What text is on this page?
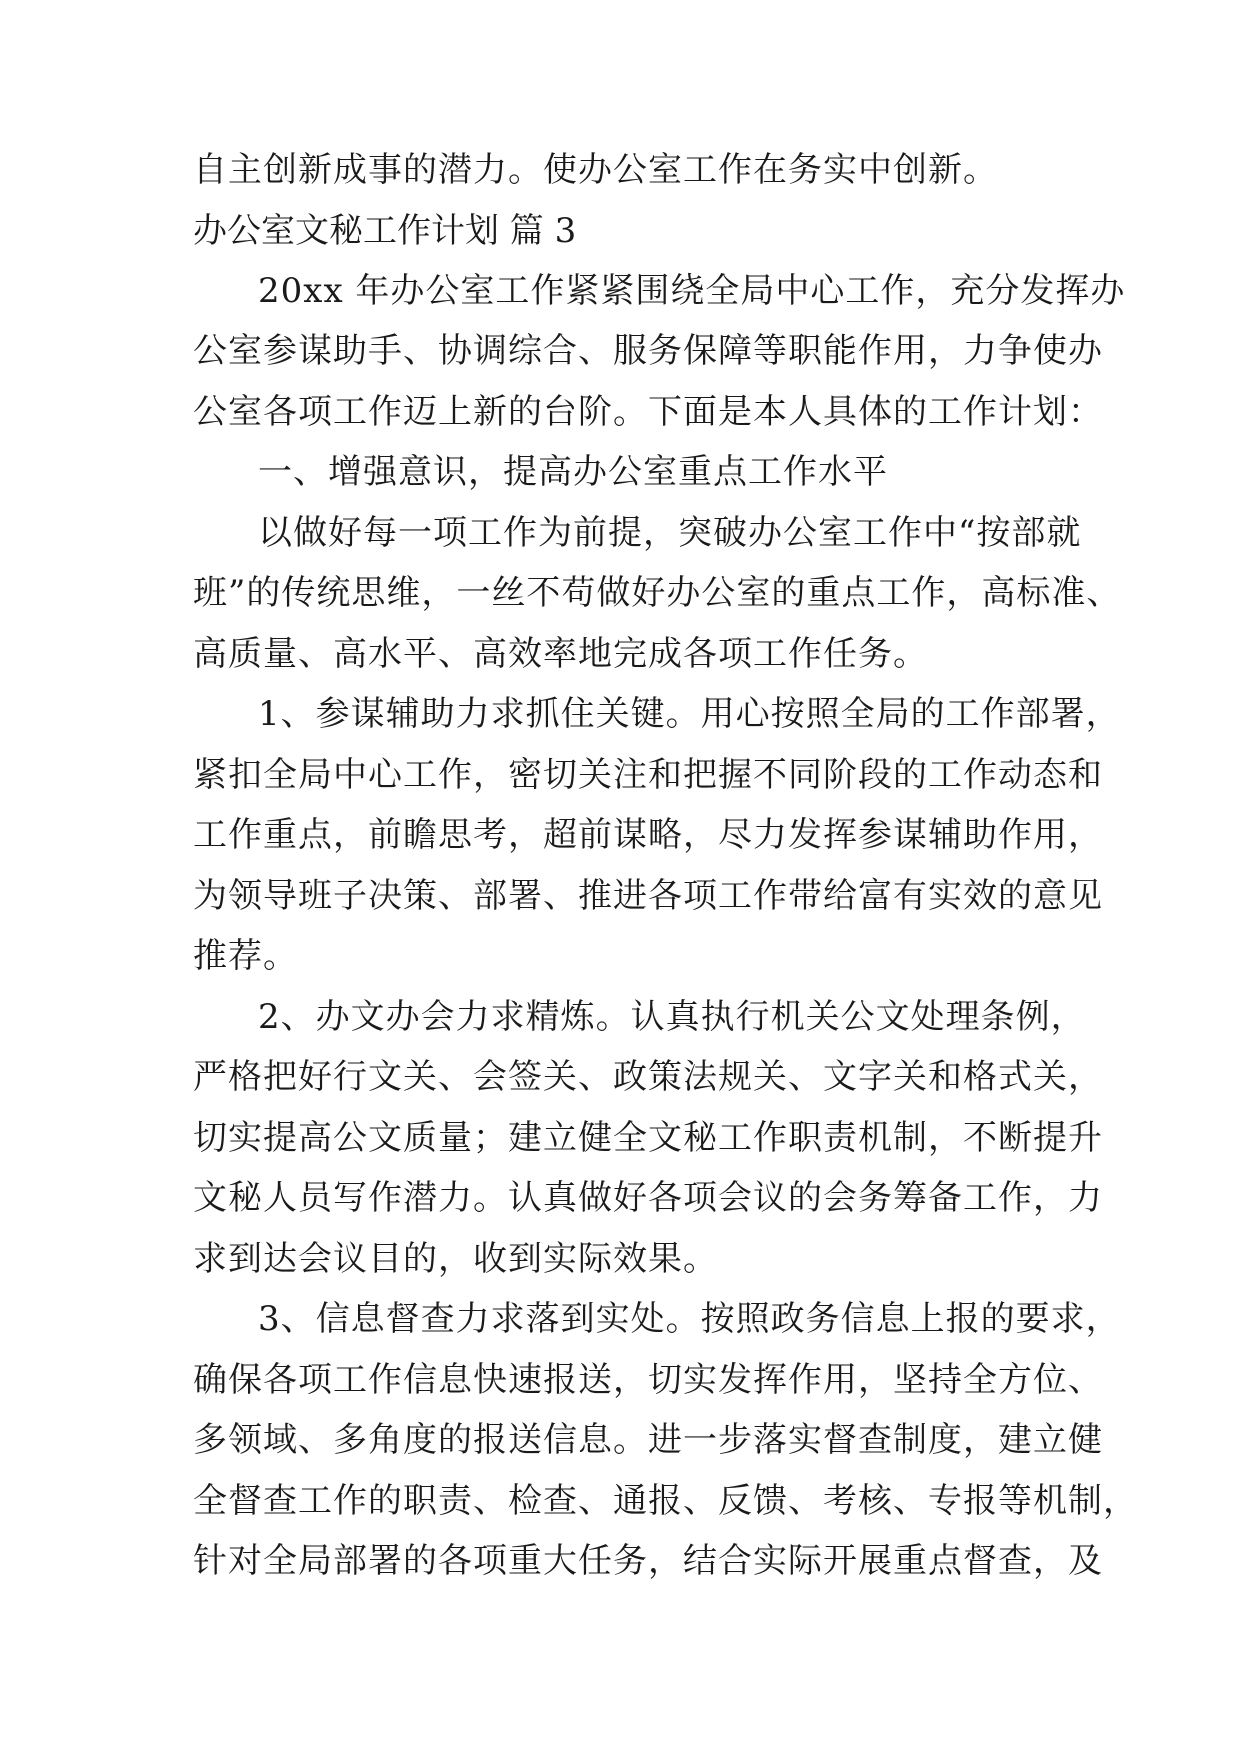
自主创新成事的潜力。使办公室工作在务实中创新。
办公室文秘工作计划 篇 3
20xx 年办公室工作紧紧围绕全局中心工作，充分发挥办
公室参谋助手、协调综合、服务保障等职能作用，力争使办
公室各项工作迈上新的台阶。下面是本人具体的工作计划：
一、增强意识，提高办公室重点工作水平
以做好每一项工作为前提，突破办公室工作中“按部就
班”的传统思维，一丝不苟做好办公室的重点工作，高标准、
高质量、高水平、高效率地完成各项工作任务。
1、参谋辅助力求抓住关键。用心按照全局的工作部署，
紧扣全局中心工作，密切关注和把握不同阶段的工作动态和
工作重点，前瞻思考，超前谋略，尽力发挥参谋辅助作用，
为领导班子决策、部署、推进各项工作带给富有实效的意见
推荐。
2、办文办会力求精炼。认真执行机关公文处理条例，
严格把好行文关、会签关、政策法规关、文字关和格式关，
切实提高公文质量；建立健全文秘工作职责机制，不断提升
文秘人员写作潜力。认真做好各项会议的会务筹备工作，力
求到达会议目的，收到实际效果。
3、信息督查力求落到实处。按照政务信息上报的要求，
确保各项工作信息快速报送，切实发挥作用，坚持全方位、
多领域、多角度的报送信息。进一步落实督查制度，建立健
全督查工作的职责、检查、通报、反馈、考核、专报等机制，
针对全局部署的各项重大任务，结合实际开展重点督查，及
